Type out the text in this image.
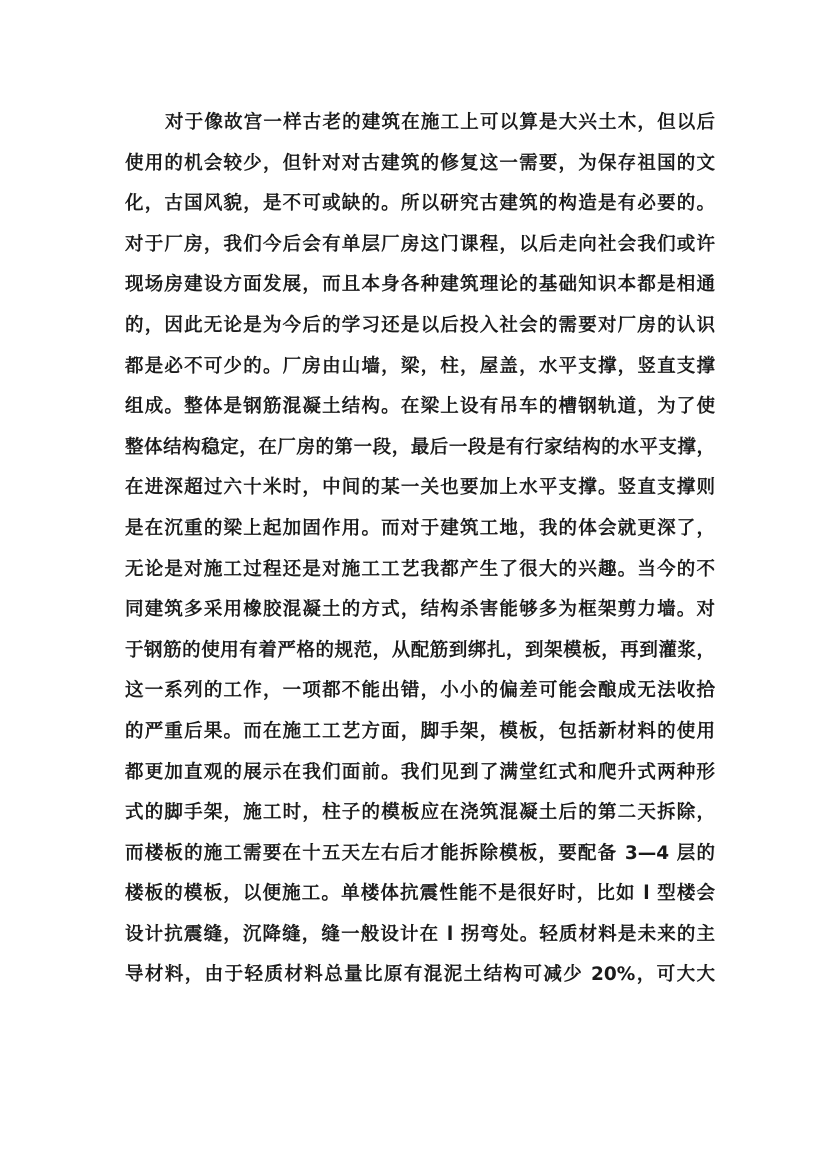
对于像故宫一样古老的建筑在施工上可以算是大兴土木，但以后
使用的机会较少，但针对对古建筑的修复这一需要，为保存祖国的文
化，古国风貌，是不可或缺的。所以研究古建筑的构造是有必要的。
对于厂房，我们今后会有单层厂房这门课程，以后走向社会我们或许
现场房建设方面发展，而且本身各种建筑理论的基础知识本都是相通
的，因此无论是为今后的学习还是以后投入社会的需要对厂房的认识
都是必不可少的。厂房由山墙，梁，柱，屋盖，水平支撑，竖直支撑
组成。整体是钢筋混凝土结构。在梁上设有吊车的槽钢轨道，为了使
整体结构稳定，在厂房的第一段，最后一段是有行家结构的水平支撑，
在进深超过六十米时，中间的某一关也要加上水平支撑。竖直支撑则
是在沉重的梁上起加固作用。而对于建筑工地，我的体会就更深了，
无论是对施工过程还是对施工工艺我都产生了很大的兴趣。当今的不
同建筑多采用橡胶混凝土的方式，结构杀害能够多为框架剪力墙。对
于钢筋的使用有着严格的规范，从配筋到绑扎，到架模板，再到灌浆，
这一系列的工作，一项都不能出错，小小的偏差可能会酿成无法收拾
的严重后果。而在施工工艺方面，脚手架，模板，包括新材料的使用
都更加直观的展示在我们面前。我们见到了满堂红式和爬升式两种形
式的脚手架，施工时，柱子的模板应在浇筑混凝土后的第二天拆除，
而楼板的施工需要在十五天左右后才能拆除模板，要配备 3—4 层的
楼板的模板，以便施工。单楼体抗震性能不是很好时，比如 l 型楼会
设计抗震缝，沉降缝，缝一般设计在 l 拐弯处。轻质材料是未来的主
导材料，由于轻质材料总量比原有混泥土结构可减少 20%，可大大
